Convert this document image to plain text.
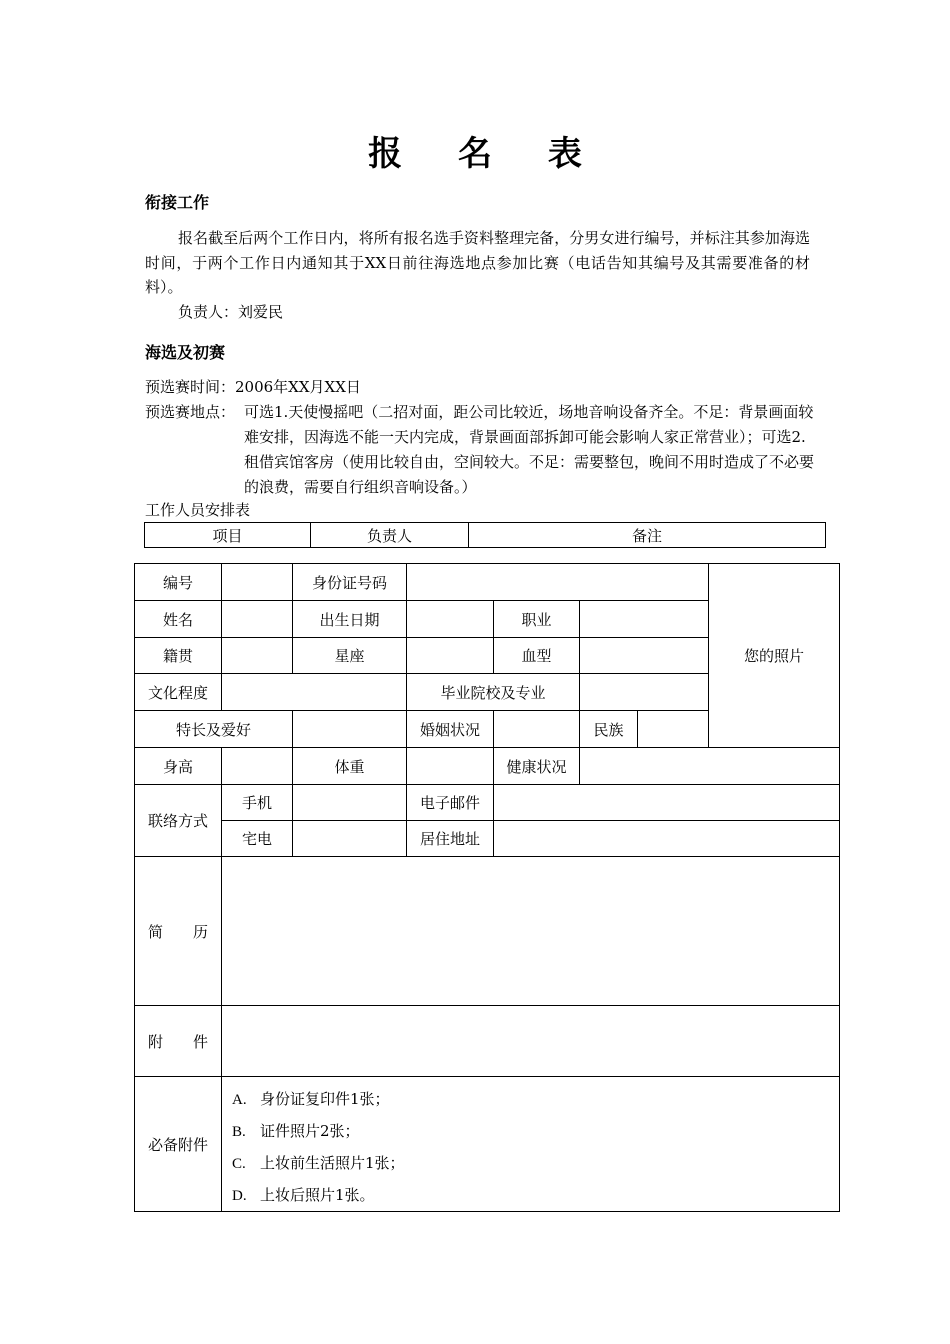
报 名 表
衔接工作
报名截至后两个工作日内，将所有报名选手资料整理完备，分男女进行编号，并标注其参加海选时间，于两个工作日内通知其于XX日前往海选地点参加比赛（电话告知其编号及其需要准备的材料）。
负责人：刘爱民
海选及初赛
预选赛时间：2006年XX月XX日
预选赛地点： 可选1.天使慢摇吧（二招对面，距公司比较近，场地音响设备齐全。不足：背景画面较难安排，因海选不能一天内完成，背景画面部拆卸可能会影响人家正常营业）；可选2.租借宾馆客房（使用比较自由，空间较大。不足：需要整包，晚间不用时造成了不必要的浪费，需要自行组织音响设备。）
工作人员安排表
项目	负责人	备注
编号		身份证号码					您的照片
姓名		出生日期		职业			
籍贯		星座		血型			
文化程度			毕业院校及专业				
特长及爱好			婚姻状况		民族		
身高		体重		健康状况			
联络方式	手机		电子邮件				
	宅电		居住地址				
简　　历							
附　　件							
必备附件	A. 身份证复印件1张；
B. 证件照片2张；
C. 上妆前生活照片1张；
D. 上妆后照片1张。						
